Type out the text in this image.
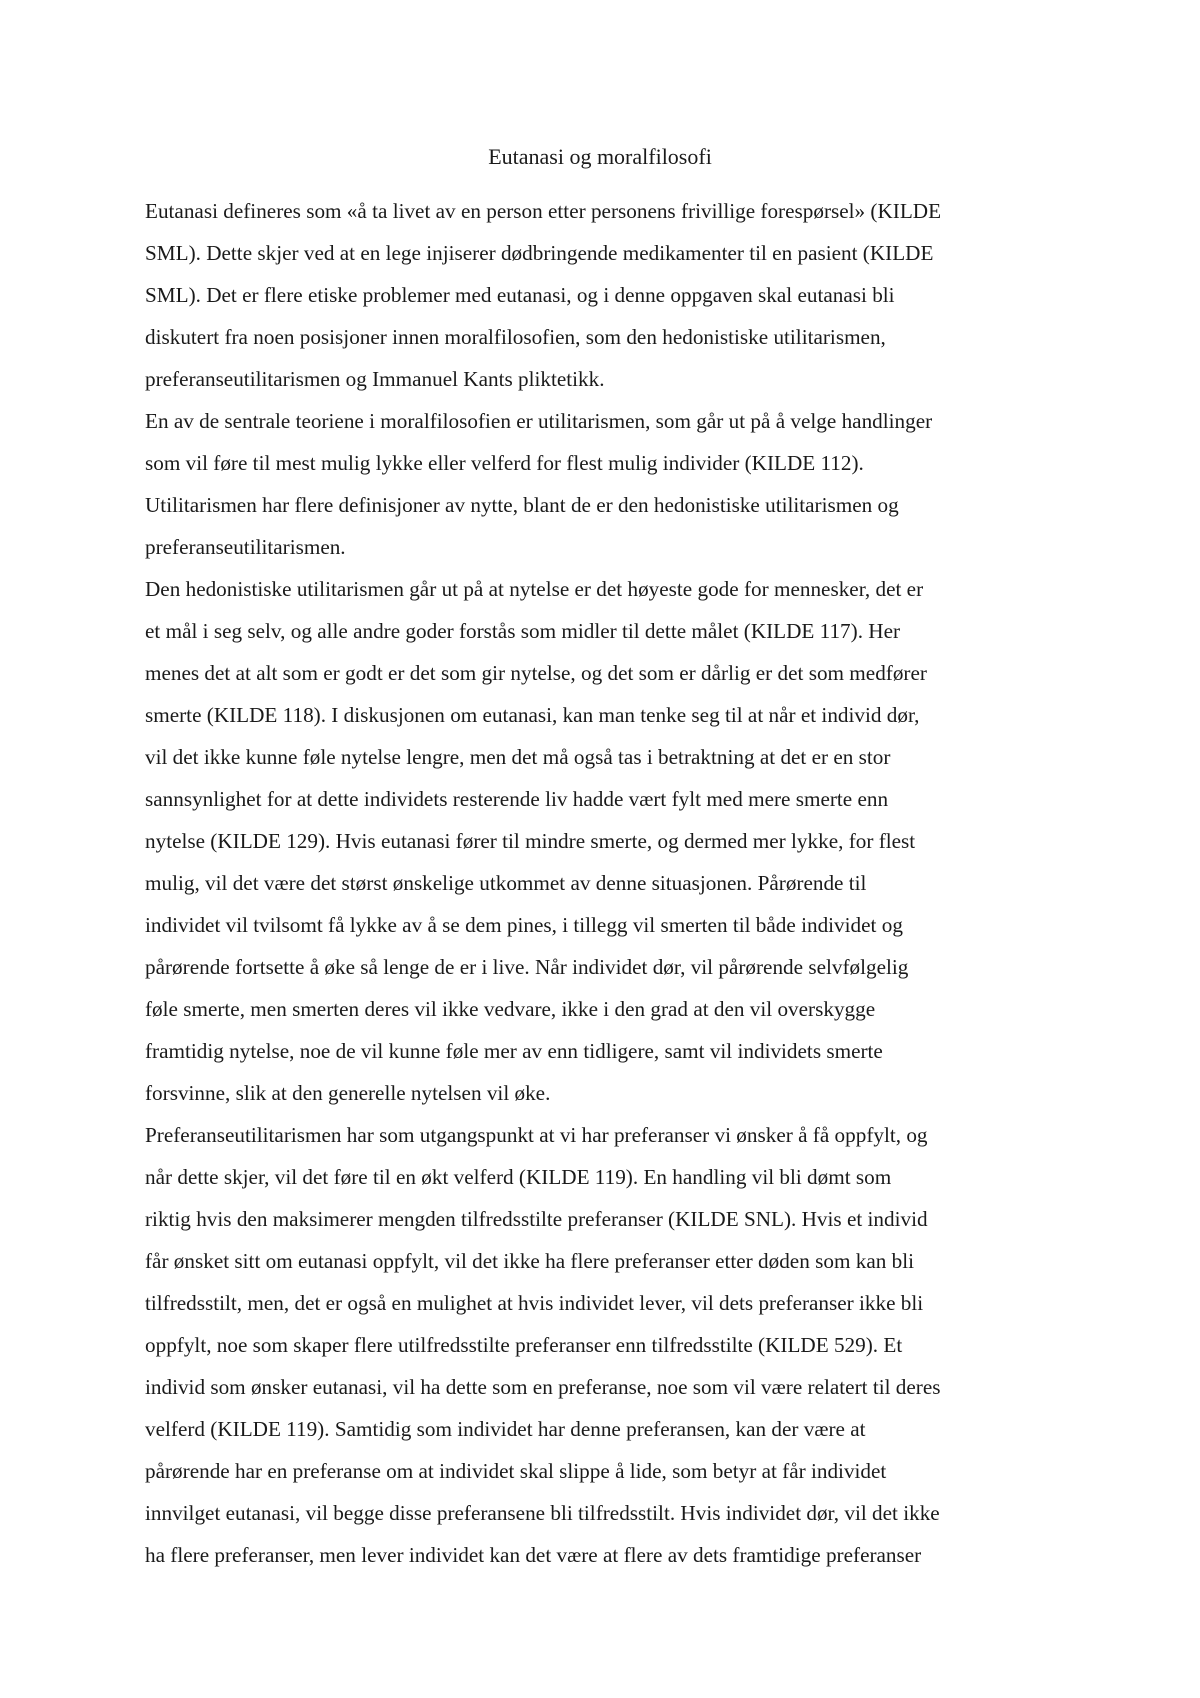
Eutanasi og moralfilosofi

Eutanasi defineres som «å ta livet av en person etter personens frivillige forespørsel» (KILDE
SML). Dette skjer ved at en lege injiserer dødbringende medikamenter til en pasient (KILDE
SML). Det er flere etiske problemer med eutanasi, og i denne oppgaven skal eutanasi bli
diskutert fra noen posisjoner innen moralfilosofien, som den hedonistiske utilitarismen,
preferanseutilitarismen og Immanuel Kants pliktetikk.

En av de sentrale teoriene i moralfilosofien er utilitarismen, som går ut på å velge handlinger
som vil føre til mest mulig lykke eller velferd for flest mulig individer (KILDE 112).
Utilitarismen har flere definisjoner av nytte, blant de er den hedonistiske utilitarismen og
preferanseutilitarismen.

Den hedonistiske utilitarismen går ut på at nytelse er det høyeste gode for mennesker, det er
et mål i seg selv, og alle andre goder forstås som midler til dette målet (KILDE 117). Her
menes det at alt som er godt er det som gir nytelse, og det som er dårlig er det som medfører
smerte (KILDE 118). I diskusjonen om eutanasi, kan man tenke seg til at når et individ dør,
vil det ikke kunne føle nytelse lengre, men det må også tas i betraktning at det er en stor
sannsynlighet for at dette individets resterende liv hadde vært fylt med mere smerte enn
nytelse (KILDE 129). Hvis eutanasi fører til mindre smerte, og dermed mer lykke, for flest
mulig, vil det være det størst ønskelige utkommet av denne situasjonen. Pårørende til
individet vil tvilsomt få lykke av å se dem pines, i tillegg vil smerten til både individet og
pårørende fortsette å øke så lenge de er i live. Når individet dør, vil pårørende selvfølgelig
føle smerte, men smerten deres vil ikke vedvare, ikke i den grad at den vil overskygge
framtidig nytelse, noe de vil kunne føle mer av enn tidligere, samt vil individets smerte
forsvinne, slik at den generelle nytelsen vil øke.

Preferanseutilitarismen har som utgangspunkt at vi har preferanser vi ønsker å få oppfylt, og
når dette skjer, vil det føre til en økt velferd (KILDE 119). En handling vil bli dømt som
riktig hvis den maksimerer mengden tilfredsstilte preferanser (KILDE SNL). Hvis et individ
får ønsket sitt om eutanasi oppfylt, vil det ikke ha flere preferanser etter døden som kan bli
tilfredsstilt, men, det er også en mulighet at hvis individet lever, vil dets preferanser ikke bli
oppfylt, noe som skaper flere utilfredsstilte preferanser enn tilfredsstilte (KILDE 529). Et
individ som ønsker eutanasi, vil ha dette som en preferanse, noe som vil være relatert til deres
velferd (KILDE 119). Samtidig som individet har denne preferansen, kan der være at
pårørende har en preferanse om at individet skal slippe å lide, som betyr at får individet
innvilget eutanasi, vil begge disse preferansene bli tilfredsstilt. Hvis individet dør, vil det ikke
ha flere preferanser, men lever individet kan det være at flere av dets framtidige preferanser
